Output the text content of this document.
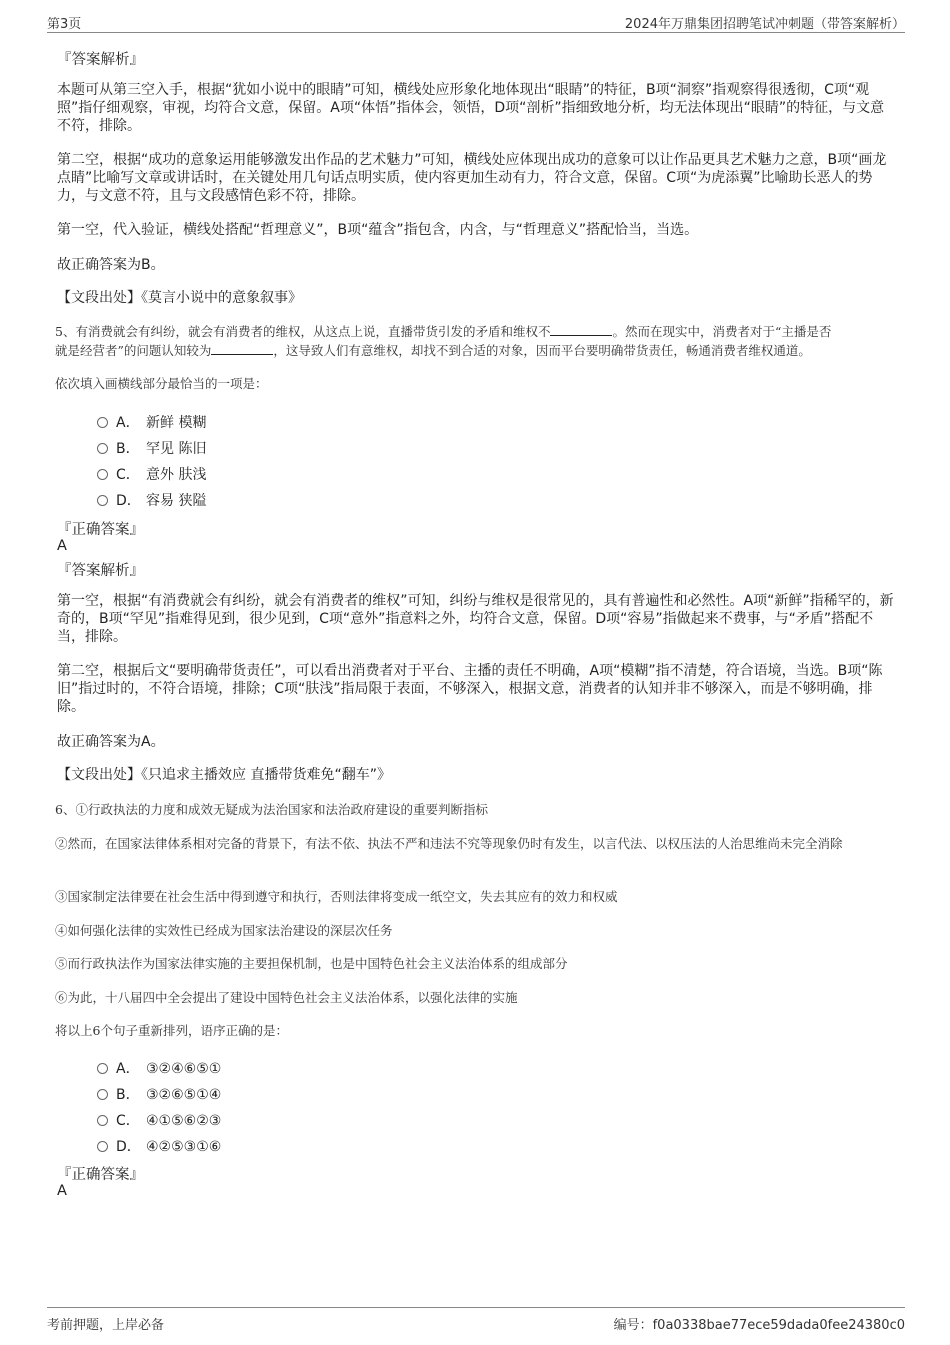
第3页	2024年万鼎集团招聘笔试冲刺题（带答案解析）
『答案解析』
本题可从第三空入手，根据“犹如小说中的眼睛”可知，横线处应形象化地体现出“眼睛”的特征，B项“洞察”指观察得很透彻，C项“观照”指仔细观察，审视，均符合文意，保留。A项“体悟”指体会，领悟，D项“剖析”指细致地分析，均无法体现出“眼睛”的特征，与文意不符，排除。
第二空，根据“成功的意象运用能够激发出作品的艺术魅力”可知，横线处应体现出成功的意象可以让作品更具艺术魅力之意，B项“画龙点睛”比喻写文章或讲话时，在关键处用几句话点明实质，使内容更加生动有力，符合文意，保留。C项“为虎添翼”比喻助长恶人的势力，与文意不符，且与文段感情色彩不符，排除。
第一空，代入验证，横线处搭配“哲理意义”，B项“蕴含”指包含，内含，与“哲理意义”搭配恰当，当选。
故正确答案为B。
【文段出处】《莫言小说中的意象叙事》
5、有消费就会有纠纷，就会有消费者的维权，从这点上说，直播带货引发的矛盾和维权不	。然而在现实中，消费者对于“主播是否
就是经营者”的问题认知较为	，这导致人们有意维权，却找不到合适的对象，因而平台要明确带货责任，畅通消费者维权通道。
依次填入画横线部分最恰当的一项是：
A． 新鲜 模糊
B． 罕见 陈旧
C． 意外 肤浅
D． 容易 狭隘
『正确答案』
A
『答案解析』
第一空，根据“有消费就会有纠纷，就会有消费者的维权”可知，纠纷与维权是很常见的，具有普遍性和必然性。A项“新鲜”指稀罕的，新奇的，B项“罕见”指难得见到，很少见到，C项“意外”指意料之外，均符合文意，保留。D项“容易”指做起来不费事，与“矛盾”搭配不当，排除。
第二空，根据后文“要明确带货责任”，可以看出消费者对于平台、主播的责任不明确，A项“模糊”指不清楚，符合语境，当选。B项“陈旧”指过时的，不符合语境，排除；C项“肤浅”指局限于表面，不够深入，根据文意，消费者的认知并非不够深入，而是不够明确，排除。
故正确答案为A。
【文段出处】《只追求主播效应 直播带货难免“翻车”》
6、①行政执法的力度和成效无疑成为法治国家和法治政府建设的重要判断指标
②然而，在国家法律体系相对完备的背景下，有法不依、执法不严和违法不究等现象仍时有发生，以言代法、以权压法的人治思维尚未完全消除
③国家制定法律要在社会生活中得到遵守和执行，否则法律将变成一纸空文，失去其应有的效力和权威
④如何强化法律的实效性已经成为国家法治建设的深层次任务
⑤而行政执法作为国家法律实施的主要担保机制，也是中国特色社会主义法治体系的组成部分
⑥为此，十八届四中全会提出了建设中国特色社会主义法治体系，以强化法律的实施
将以上6个句子重新排列，语序正确的是：
A． ③②④⑥⑤①
B． ③②⑥⑤①④
C． ④①⑤⑥②③
D． ④②⑤③①⑥
『正确答案』
A
考前押题，上岸必备	编号：f0a0338bae77ece59dada0fee24380c0
